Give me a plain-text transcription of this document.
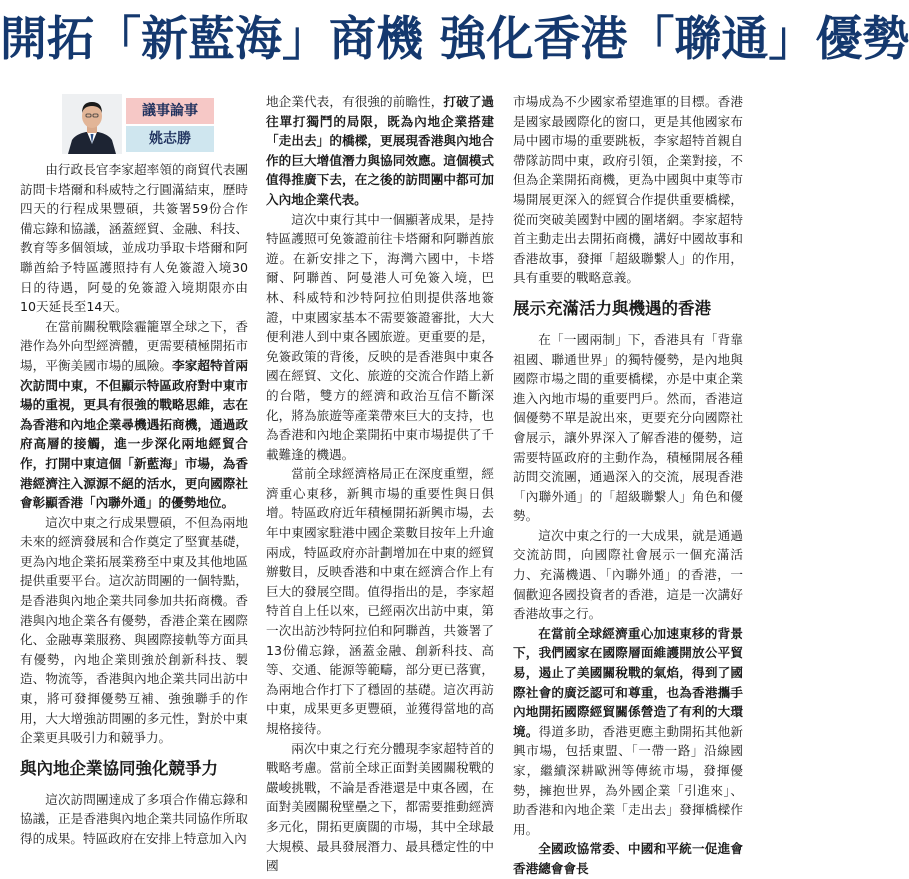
開拓「新藍海」商機 強化香港「聯通」優勢
議事論事
姚志勝

由行政長官李家超率領的商貿代表團訪問卡塔爾和科威特之行圓滿結束，歷時四天的行程成果豐碩，共簽署59份合作備忘錄和協議，涵蓋經貿、金融、科技、教育等多個領域，並成功爭取卡塔爾和阿聯酋給予特區護照持有人免簽證入境30日的待遇，阿曼的免簽證入境期限亦由10天延長至14天。

在當前關稅戰陰霾籠罩全球之下，香港作為外向型經濟體，更需要積極開拓市場，平衡美國市場的風險。李家超特首兩次訪問中東，不但顯示特區政府對中東市場的重視，更具有很強的戰略思維，志在為香港和內地企業尋機遇拓商機，通過政府高層的接觸，進一步深化兩地經貿合作，打開中東這個「新藍海」市場，為香港經濟注入源源不絕的活水，更向國際社會彰顯香港「內聯外通」的優勢地位。

這次中東之行成果豐碩，不但為兩地未來的經濟發展和合作奠定了堅實基礎，更為內地企業拓展業務至中東及其他地區提供重要平台。這次訪問團的一個特點，是香港與內地企業共同參加共拓商機。香港與內地企業各有優勢，香港企業在國際化、金融專業服務、與國際接軌等方面具有優勢，內地企業則強於創新科技、製造、物流等，香港與內地企業共同出訪中東，將可發揮優勢互補、強強聯手的作用，大大增強訪問團的多元性，對於中東企業更具吸引力和競爭力。

與內地企業協同強化競爭力

這次訪問團達成了多項合作備忘錄和協議，正是香港與內地企業共同協作所取得的成果。特區政府在安排上特意加入內

地企業代表，有很強的前瞻性，打破了過往單打獨鬥的局限，既為內地企業搭建「走出去」的橋樑，更展現香港與內地合作的巨大增值潛力與協同效應。這個模式值得推廣下去，在之後的訪問團中都可加入內地企業代表。

這次中東行其中一個顯著成果，是持特區護照可免簽證前往卡塔爾和阿聯酋旅遊。在新安排之下，海灣六國中，卡塔爾、阿聯酋、阿曼港人可免簽入境，巴林、科威特和沙特阿拉伯則提供落地簽證，中東國家基本不需要簽證審批，大大便利港人到中東各國旅遊。更重要的是，免簽政策的背後，反映的是香港與中東各國在經貿、文化、旅遊的交流合作踏上新的台階，雙方的經濟和政治互信不斷深化，將為旅遊等產業帶來巨大的支持，也為香港和內地企業開拓中東市場提供了千載難逢的機遇。

當前全球經濟格局正在深度重塑，經濟重心東移，新興市場的重要性與日俱增。特區政府近年積極開拓新興市場，去年中東國家駐港中國企業數目按年上升逾兩成，特區政府亦計劃增加在中東的經貿辦數目，反映香港和中東在經濟合作上有巨大的發展空間。值得指出的是，李家超特首自上任以來，已經兩次出訪中東，第一次出訪沙特阿拉伯和阿聯酋，共簽署了13份備忘錄，涵蓋金融、創新科技、高等、交通、能源等範疇，部分更已落實，為兩地合作打下了穩固的基礎。這次再訪中東，成果更多更豐碩，並獲得當地的高規格接待。

兩次中東之行充分體現李家超特首的戰略考慮。當前全球正面對美國關稅戰的嚴峻挑戰，不論是香港還是中東各國，在面對美國關稅壁壘之下，都需要推動經濟多元化，開拓更廣闊的市場，其中全球最大規模、最具發展潛力、最具穩定性的中國

市場成為不少國家希望進軍的目標。香港是國家最國際化的窗口，更是其他國家布局中國市場的重要跳板，李家超特首親自帶隊訪問中東，政府引領，企業對接，不但為企業開拓商機，更為中國與中東等市場開展更深入的經貿合作提供重要橋樑，從而突破美國對中國的圍堵網。李家超特首主動走出去開拓商機，講好中國故事和香港故事，發揮「超級聯繫人」的作用，具有重要的戰略意義。

展示充滿活力與機遇的香港

在「一國兩制」下，香港具有「背靠祖國、聯通世界」的獨特優勢，是內地與國際市場之間的重要橋樑，亦是中東企業進入內地市場的重要門戶。然而，香港這個優勢不單是說出來，更要充分向國際社會展示，讓外界深入了解香港的優勢，這需要特區政府的主動作為，積極開展各種訪問交流團，通過深入的交流，展現香港「內聯外通」的「超級聯繫人」角色和優勢。

這次中東之行的一大成果，就是通過交流訪問，向國際社會展示一個充滿活力、充滿機遇、「內聯外通」的香港，一個歡迎各國投資者的香港，這是一次講好香港故事之行。

在當前全球經濟重心加速東移的背景下，我們國家在國際層面維護開放公平貿易，遏止了美國關稅戰的氣焰，得到了國際社會的廣泛認可和尊重，也為香港攜手內地開拓國際經貿關係營造了有利的大環境。得道多助，香港更應主動開拓其他新興市場，包括東盟、「一帶一路」沿線國家，繼續深耕歐洲等傳統市場，發揮優勢，擁抱世界，為外國企業「引進來」、助香港和內地企業「走出去」發揮橋樑作用。

全國政協常委、中國和平統一促進會香港總會會長
